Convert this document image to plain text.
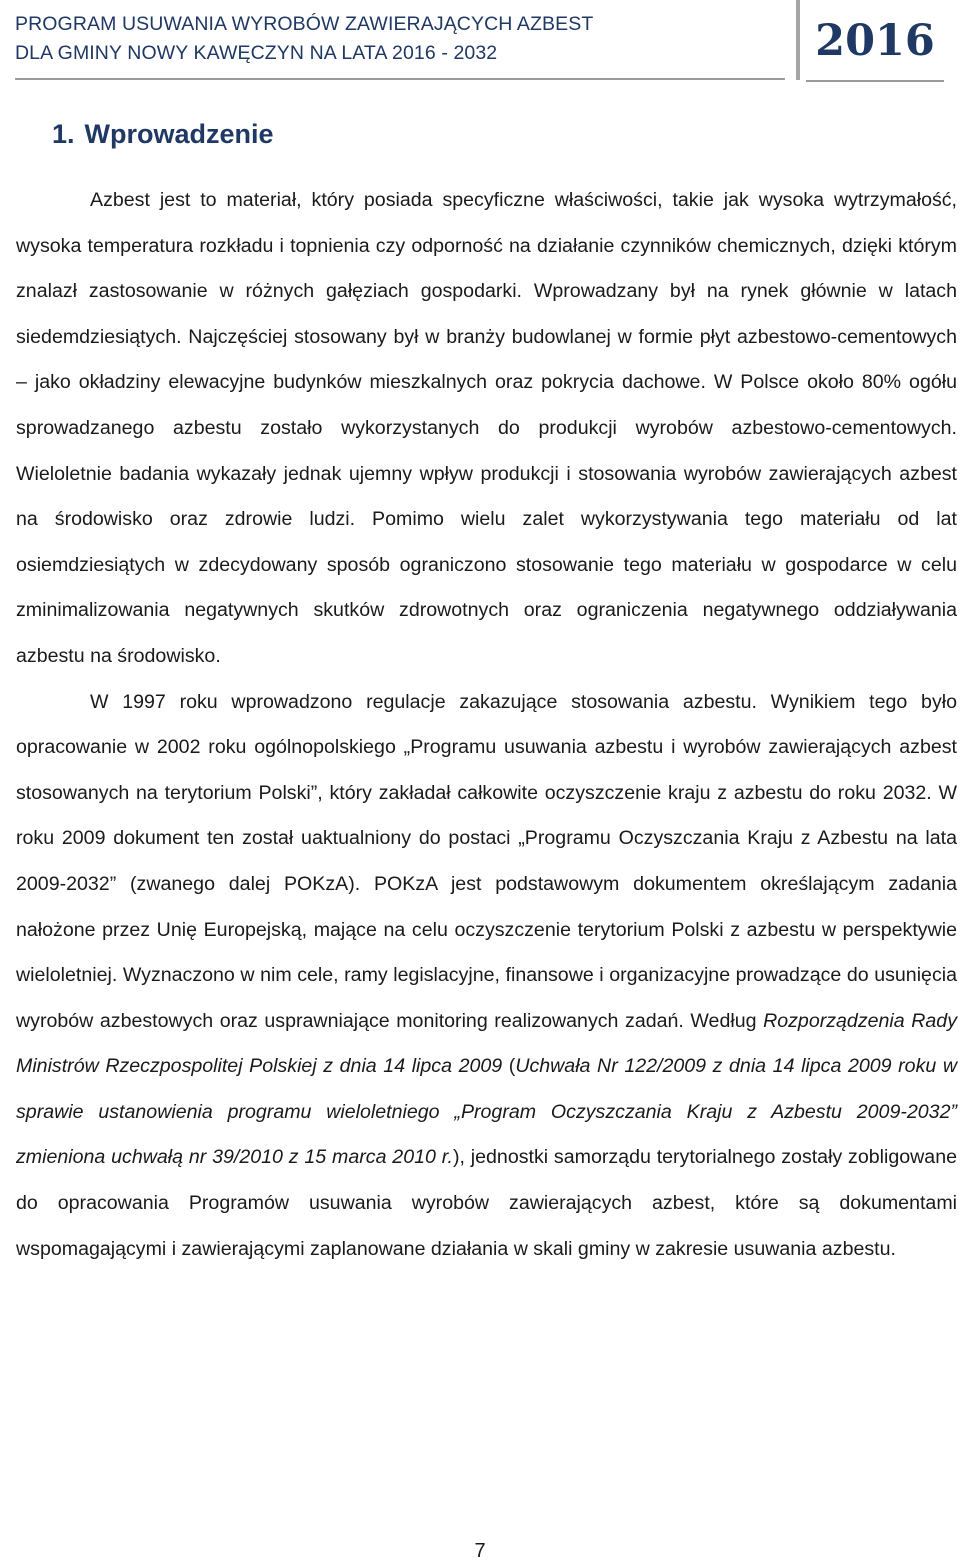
PROGRAM USUWANIA WYROBÓW ZAWIERAJĄCYCH AZBEST
DLA GMINY NOWY KAWĘCZYN NA LATA 2016 - 2032	2016
1. Wprowadzenie

Azbest jest to materiał, który posiada specyficzne właściwości, takie jak wysoka wytrzymałość, wysoka temperatura rozkładu i topnienia czy odporność na działanie czynników chemicznych, dzięki którym znalazł zastosowanie w różnych gałęziach gospodarki. Wprowadzany był na rynek głównie w latach siedemdziesiątych. Najczęściej stosowany był w branży budowlanej w formie płyt azbestowo-cementowych – jako okładziny elewacyjne budynków mieszkalnych oraz pokrycia dachowe. W Polsce około 80% ogółu sprowadzanego azbestu zostało wykorzystanych do produkcji wyrobów azbestowo-cementowych. Wieloletnie badania wykazały jednak ujemny wpływ produkcji i stosowania wyrobów zawierających azbest na środowisko oraz zdrowie ludzi. Pomimo wielu zalet wykorzystywania tego materiału od lat osiemdziesiątych w zdecydowany sposób ograniczono stosowanie tego materiału w gospodarce w celu zminimalizowania negatywnych skutków zdrowotnych oraz ograniczenia negatywnego oddziaływania azbestu na środowisko.

W 1997 roku wprowadzono regulacje zakazujące stosowania azbestu. Wynikiem tego było opracowanie w 2002 roku ogólnopolskiego „Programu usuwania azbestu i wyrobów zawierających azbest stosowanych na terytorium Polski”, który zakładał całkowite oczyszczenie kraju z azbestu do roku 2032. W roku 2009 dokument ten został uaktualniony do postaci „Programu Oczyszczania Kraju z Azbestu na lata 2009-2032” (zwanego dalej POKzA). POKzA jest podstawowym dokumentem określającym zadania nałożone przez Unię Europejską, mające na celu oczyszczenie terytorium Polski z azbestu w perspektywie wieloletniej. Wyznaczono w nim cele, ramy legislacyjne, finansowe i organizacyjne prowadzące do usunięcia wyrobów azbestowych oraz usprawniające monitoring realizowanych zadań. Według Rozporządzenia Rady Ministrów Rzeczpospolitej Polskiej z dnia 14 lipca 2009 (Uchwała Nr 122/2009 z dnia 14 lipca 2009 roku w sprawie ustanowienia programu wieloletniego „Program Oczyszczania Kraju z Azbestu 2009-2032” zmieniona uchwałą nr 39/2010 z 15 marca 2010 r.), jednostki samorządu terytorialnego zostały zobligowane do opracowania Programów usuwania wyrobów zawierających azbest, które są dokumentami wspomagającymi i zawierającymi zaplanowane działania w skali gminy w zakresie usuwania azbestu.

7
